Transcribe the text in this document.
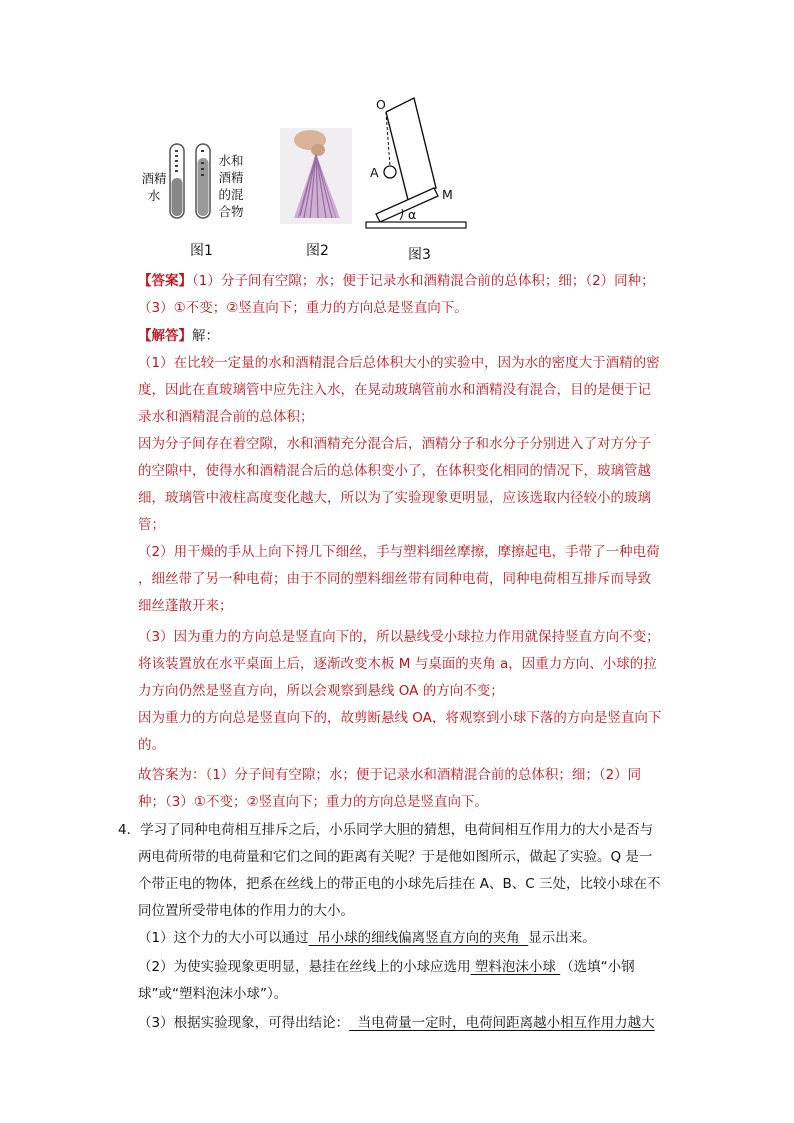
酒精
水
水和
酒精
的混
合物
图1	图2
O
A
M
α
图3
【答案】（1）分子间有空隙；水；便于记录水和酒精混合前的总体积；细；（2）同种；
（3）①不变；②竖直向下；重力的方向总是竖直向下。
【解答】解：
（1）在比较一定量的水和酒精混合后总体积大小的实验中，因为水的密度大于酒精的密
度，因此在直玻璃管中应先注入水，在晃动玻璃管前水和酒精没有混合，目的是便于记
录水和酒精混合前的总体积；
因为分子间存在着空隙，水和酒精充分混合后，酒精分子和水分子分别进入了对方分子
的空隙中，使得水和酒精混合后的总体积变小了，在体积变化相同的情况下，玻璃管越
细，玻璃管中液柱高度变化越大，所以为了实验现象更明显，应该选取内径较小的玻璃
管；
（2）用干燥的手从上向下捋几下细丝，手与塑料细丝摩擦，摩擦起电，手带了一种电荷
，细丝带了另一种电荷；由于不同的塑料细丝带有同种电荷，同种电荷相互排斥而导致
细丝蓬散开来；
（3）因为重力的方向总是竖直向下的，所以悬线受小球拉力作用就保持竖直方向不变；
将该装置放在水平桌面上后，逐渐改变木板 M 与桌面的夹角 a，因重力方向、小球的拉
力方向仍然是竖直方向，所以会观察到悬线 OA 的方向不变；
因为重力的方向总是竖直向下的，故剪断悬线 OA，将观察到小球下落的方向是竖直向下
的。
故答案为：（1）分子间有空隙；水；便于记录水和酒精混合前的总体积；细；（2）同
种；（3）①不变；②竖直向下；重力的方向总是竖直向下。
4．学习了同种电荷相互排斥之后，小乐同学大胆的猜想，电荷间相互作用力的大小是否与
两电荷所带的电荷量和它们之间的距离有关呢？于是他如图所示，做起了实验。Q 是一
个带正电的物体，把系在丝线上的带正电的小球先后挂在 A、B、C 三处，比较小球在不
同位置所受带电体的作用力的大小。
（1）这个力的大小可以通过  吊小球的细线偏离竖直方向的夹角  显示出来。
（2）为使实验现象更明显，悬挂在丝线上的小球应选用 塑料泡沫小球 （选填“小钢
球”或“塑料泡沫小球”）。
（3）根据实验现象，可得出结论：  当电荷量一定时，电荷间距离越小相互作用力越大
